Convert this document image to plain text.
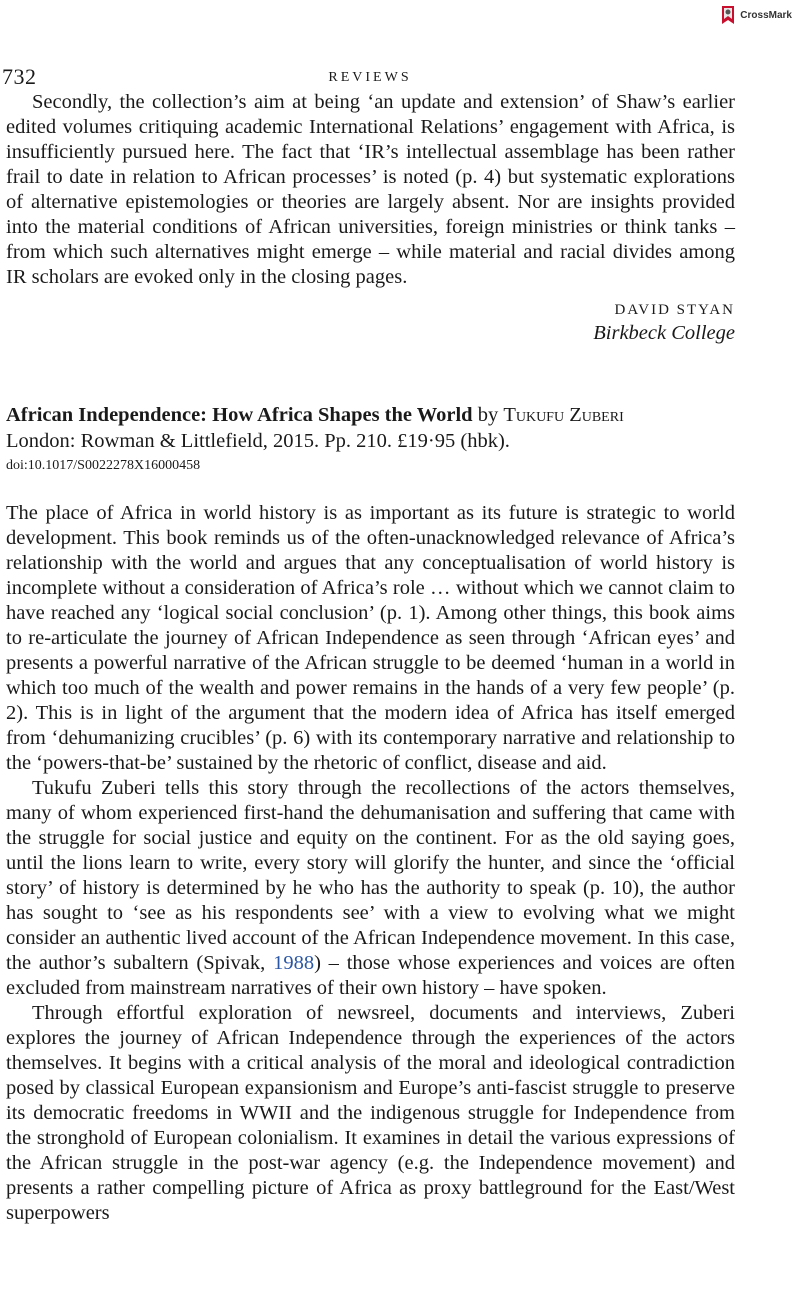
CrossMark
732	REVIEWS

Secondly, the collection’s aim at being ‘an update and extension’ of Shaw’s earlier edited volumes critiquing academic International Relations’ engagement with Africa, is insufficiently pursued here. The fact that ‘IR’s intellectual assemblage has been rather frail to date in relation to African processes’ is noted (p. 4) but systematic explorations of alternative epistemologies or theories are largely absent. Nor are insights provided into the material conditions of African universities, foreign ministries or think tanks – from which such alternatives might emerge – while material and racial divides among IR scholars are evoked only in the closing pages.

DAVID STYAN
Birkbeck College
African Independence: How Africa Shapes the World by Tukufu Zuberi
London: Rowman & Littlefield, 2015. Pp. 210. £19·95 (hbk).
doi:10.1017/S0022278X16000458

The place of Africa in world history is as important as its future is strategic to world development. This book reminds us of the often-unacknowledged relevance of Africa’s relationship with the world and argues that any conceptualisation of world history is incomplete without a consideration of Africa’s role … without which we cannot claim to have reached any ‘logical social conclusion’ (p. 1). Among other things, this book aims to re-articulate the journey of African Independence as seen through ‘African eyes’ and presents a powerful narrative of the African struggle to be deemed ‘human in a world in which too much of the wealth and power remains in the hands of a very few people’ (p. 2). This is in light of the argument that the modern idea of Africa has itself emerged from ‘dehumanizing crucibles’ (p. 6) with its contemporary narrative and relationship to the ‘powers-that-be’ sustained by the rhetoric of conflict, disease and aid.

Tukufu Zuberi tells this story through the recollections of the actors themselves, many of whom experienced first-hand the dehumanisation and suffering that came with the struggle for social justice and equity on the continent. For as the old saying goes, until the lions learn to write, every story will glorify the hunter, and since the ‘official story’ of history is determined by he who has the authority to speak (p. 10), the author has sought to ‘see as his respondents see’ with a view to evolving what we might consider an authentic lived account of the African Independence movement. In this case, the author’s subaltern (Spivak, 1988) – those whose experiences and voices are often excluded from mainstream narratives of their own history – have spoken.

Through effortful exploration of newsreel, documents and interviews, Zuberi explores the journey of African Independence through the experiences of the actors themselves. It begins with a critical analysis of the moral and ideological contradiction posed by classical European expansionism and Europe’s anti-fascist struggle to preserve its democratic freedoms in WWII and the indigenous struggle for Independence from the stronghold of European colonialism. It examines in detail the various expressions of the African struggle in the post-war agency (e.g. the Independence movement) and presents a rather compelling picture of Africa as proxy battleground for the East/West superpowers
